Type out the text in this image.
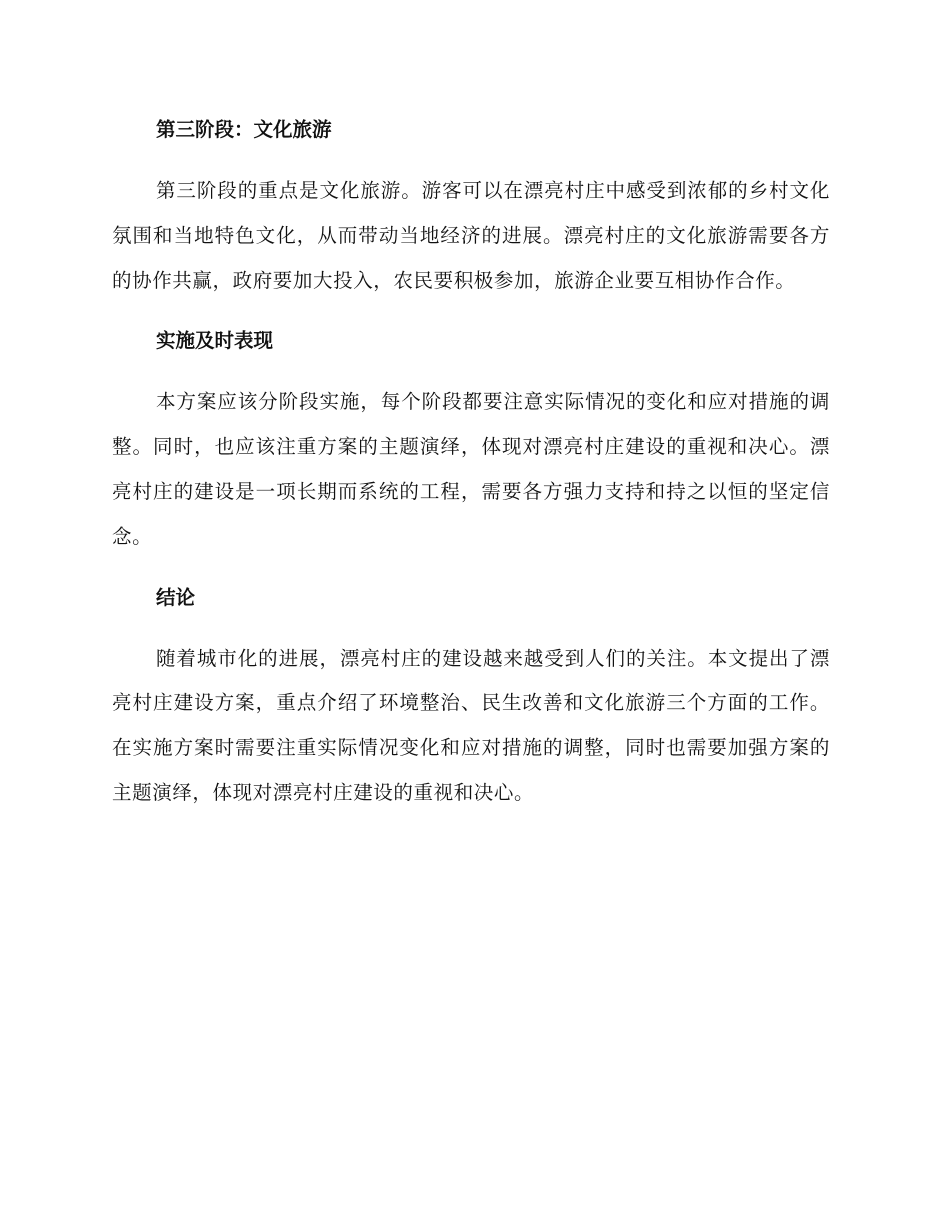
第三阶段：文化旅游

第三阶段的重点是文化旅游。游客可以在漂亮村庄中感受到浓郁的乡村文化氛围和当地特色文化，从而带动当地经济的进展。漂亮村庄的文化旅游需要各方的协作共赢，政府要加大投入，农民要积极参加，旅游企业要互相协作合作。

实施及时表现

本方案应该分阶段实施，每个阶段都要注意实际情况的变化和应对措施的调整。同时，也应该注重方案的主题演绎，体现对漂亮村庄建设的重视和决心。漂亮村庄的建设是一项长期而系统的工程，需要各方强力支持和持之以恒的坚定信念。

结论

随着城市化的进展，漂亮村庄的建设越来越受到人们的关注。本文提出了漂亮村庄建设方案，重点介绍了环境整治、民生改善和文化旅游三个方面的工作。在实施方案时需要注重实际情况变化和应对措施的调整，同时也需要加强方案的主题演绎，体现对漂亮村庄建设的重视和决心。
